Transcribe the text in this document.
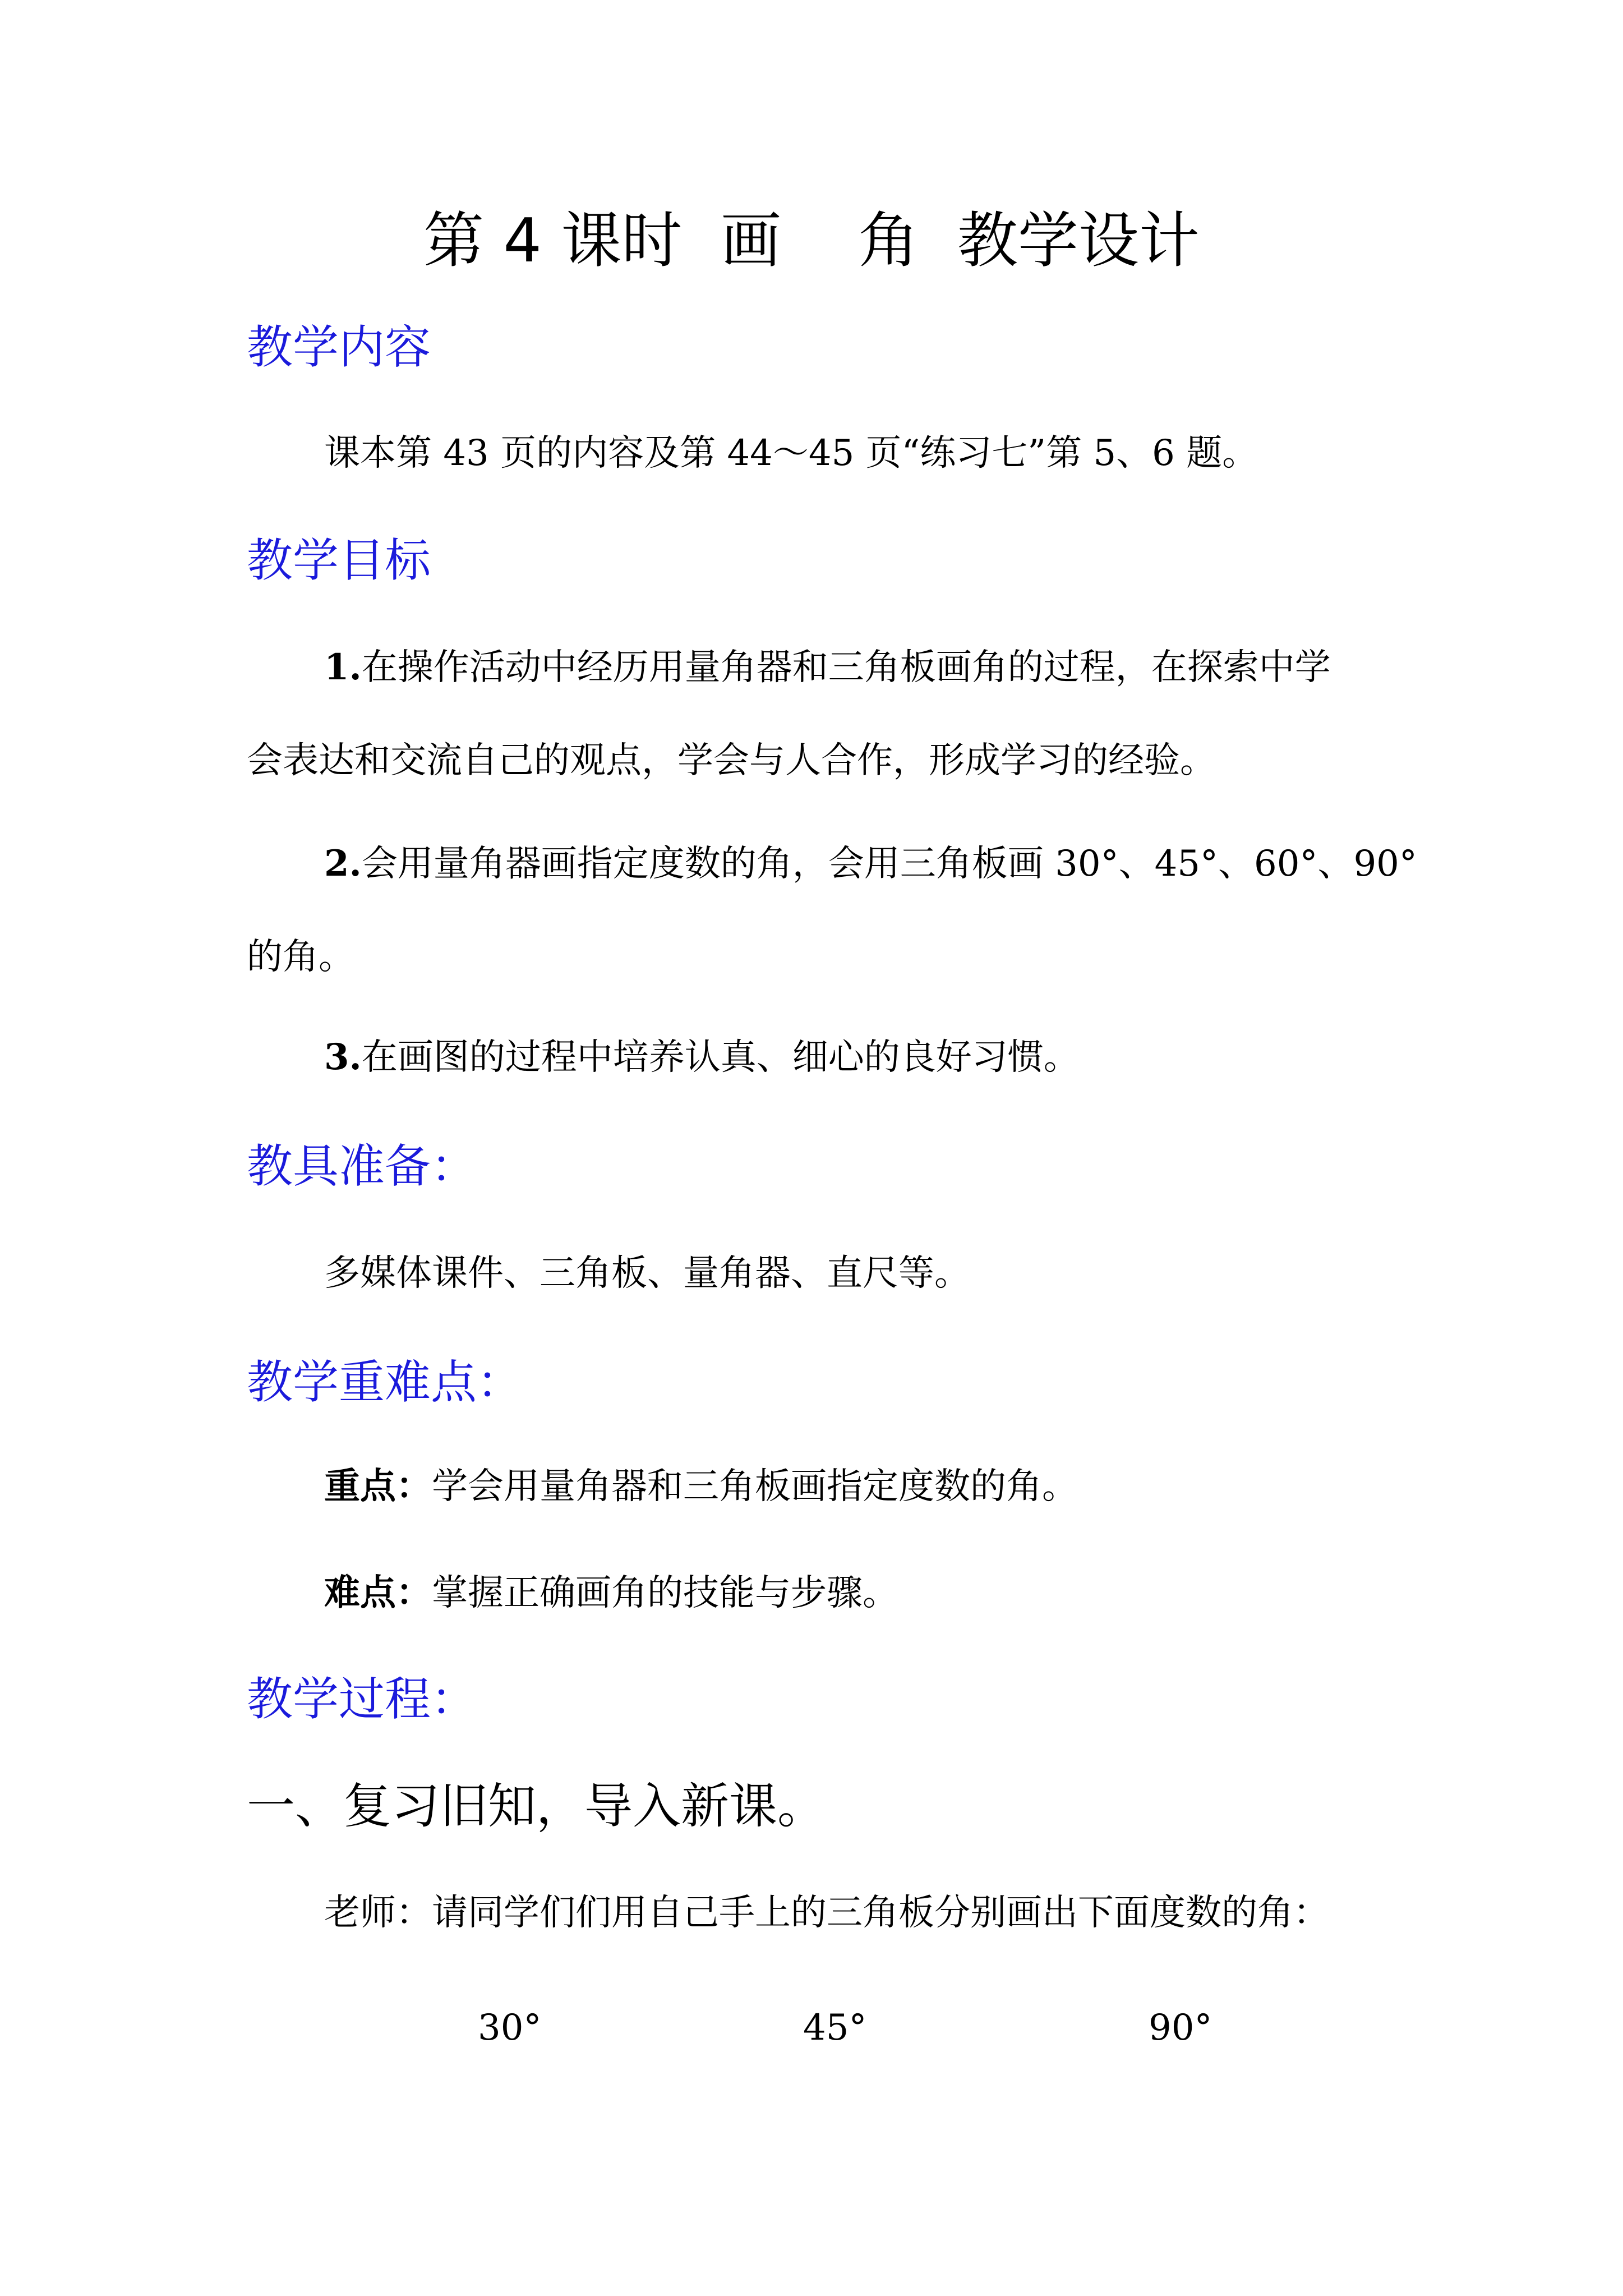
第 4 课时  画    角  教学设计
教学内容

课本第 43 页的内容及第 44～45 页“练习七”第 5、6 题。

教学目标
1.在操作活动中经历用量角器和三角板画角的过程，在探索中学
会表达和交流自己的观点，学会与人合作，形成学习的经验。
2.会用量角器画指定度数的角，会用三角板画 30°、45°、60°、90°
的角。
3.在画图的过程中培养认真、细心的良好习惯。
教具准备：

多媒体课件、三角板、量角器、直尺等。

教学重难点：

重点：学会用量角器和三角板画指定度数的角。

难点：掌握正确画角的技能与步骤。

教学过程：
一、复习旧知，导入新课。

老师：请同学们们用自己手上的三角板分别画出下面度数的角：

30°	45°	90°
